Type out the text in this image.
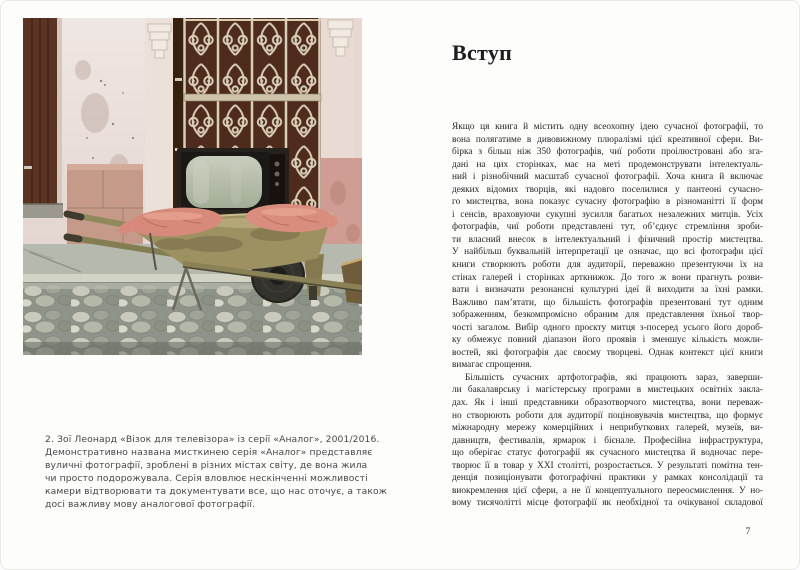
2. Зої Леонард «Візок для телевізора» із серії «Аналог», 2001/2016.
Демонстративно названа мисткинею серія «Аналог» представляє
вуличні фотографії, зроблені в різних містах світу, де вона жила
чи просто подорожувала. Серія вловлює нескінченні можливості
камери відтворювати та документувати все, що нас оточує, а також
досі важливу мову аналогової фотографії.
Вступ
Якщо ця книга й містить одну всеохопну ідею сучасної фотографії, то
вона полягатиме в дивовижному плюралізмі цієї креативної сфери. Ви-
бірка з більш ніж 350 фотографів, чиї роботи проілюстровані або зга-
дані на цих сторінках, має на меті продемонструвати інтелектуаль-
ний і різнобічний масштаб сучасної фотографії. Хоча книга й включає
деяких відомих творців, які надовго поселилися у пантеоні сучасно-
го мистецтва, вона показує сучасну фотографію в різноманітті її форм
і сенсів, враховуючи сукупні зусилля багатьох незалежних митців. Усіх
фотографів, чиї роботи представлені тут, об’єднує стремління зроби-
ти власний внесок в інтелектуальний і фізичний простір мистецтва.
У найбільш буквальній інтерпретації це означає, що всі фотографи цієї
книги створюють роботи для аудиторії, переважно презентуючи їх на
стінах галерей і сторінках арткнижок. До того ж вони прагнуть розви-
вати і визначати резонансні культурні ідеї й виходити за їхні рамки.
Важливо пам’ятати, що більшість фотографів презентовані тут одним
зображенням, безкомпромісно обраним для представлення їхньої твор-
чості загалом. Вибір одного проєкту митця з-посеред усього його дороб-
ку обмежує повний діапазон його проявів і зменшує кількість можли-
востей, які фотографія дає своєму творцеві. Однак контекст цієї книги
вимагає спрощення.
Більшість сучасних артфотографів, які працюють зараз, заверши-
ли бакалаврську і магістерську програми в мистецьких освітніх закла-
дах. Як і інші представники образотворчого мистецтва, вони переваж-
но створюють роботи для аудиторії поціновувачів мистецтва, що формує
міжнародну мережу комерційних і неприбуткових галерей, музеїв, ви-
давництв, фестивалів, ярмарок і бієнале. Професійна інфраструктура,
що оберігає статус фотографії як сучасного мистецтва й водночас пере-
творює її в товар у XXI столітті, розростається. У результаті помітна тен-
денція позиціонувати фотографічні практики у рамках консолідації та
виокремлення цієї сфери, а не її концептуального переосмислення. У но-
вому тисячолітті місце фотографії як необхідної та очікуваної складової
7
